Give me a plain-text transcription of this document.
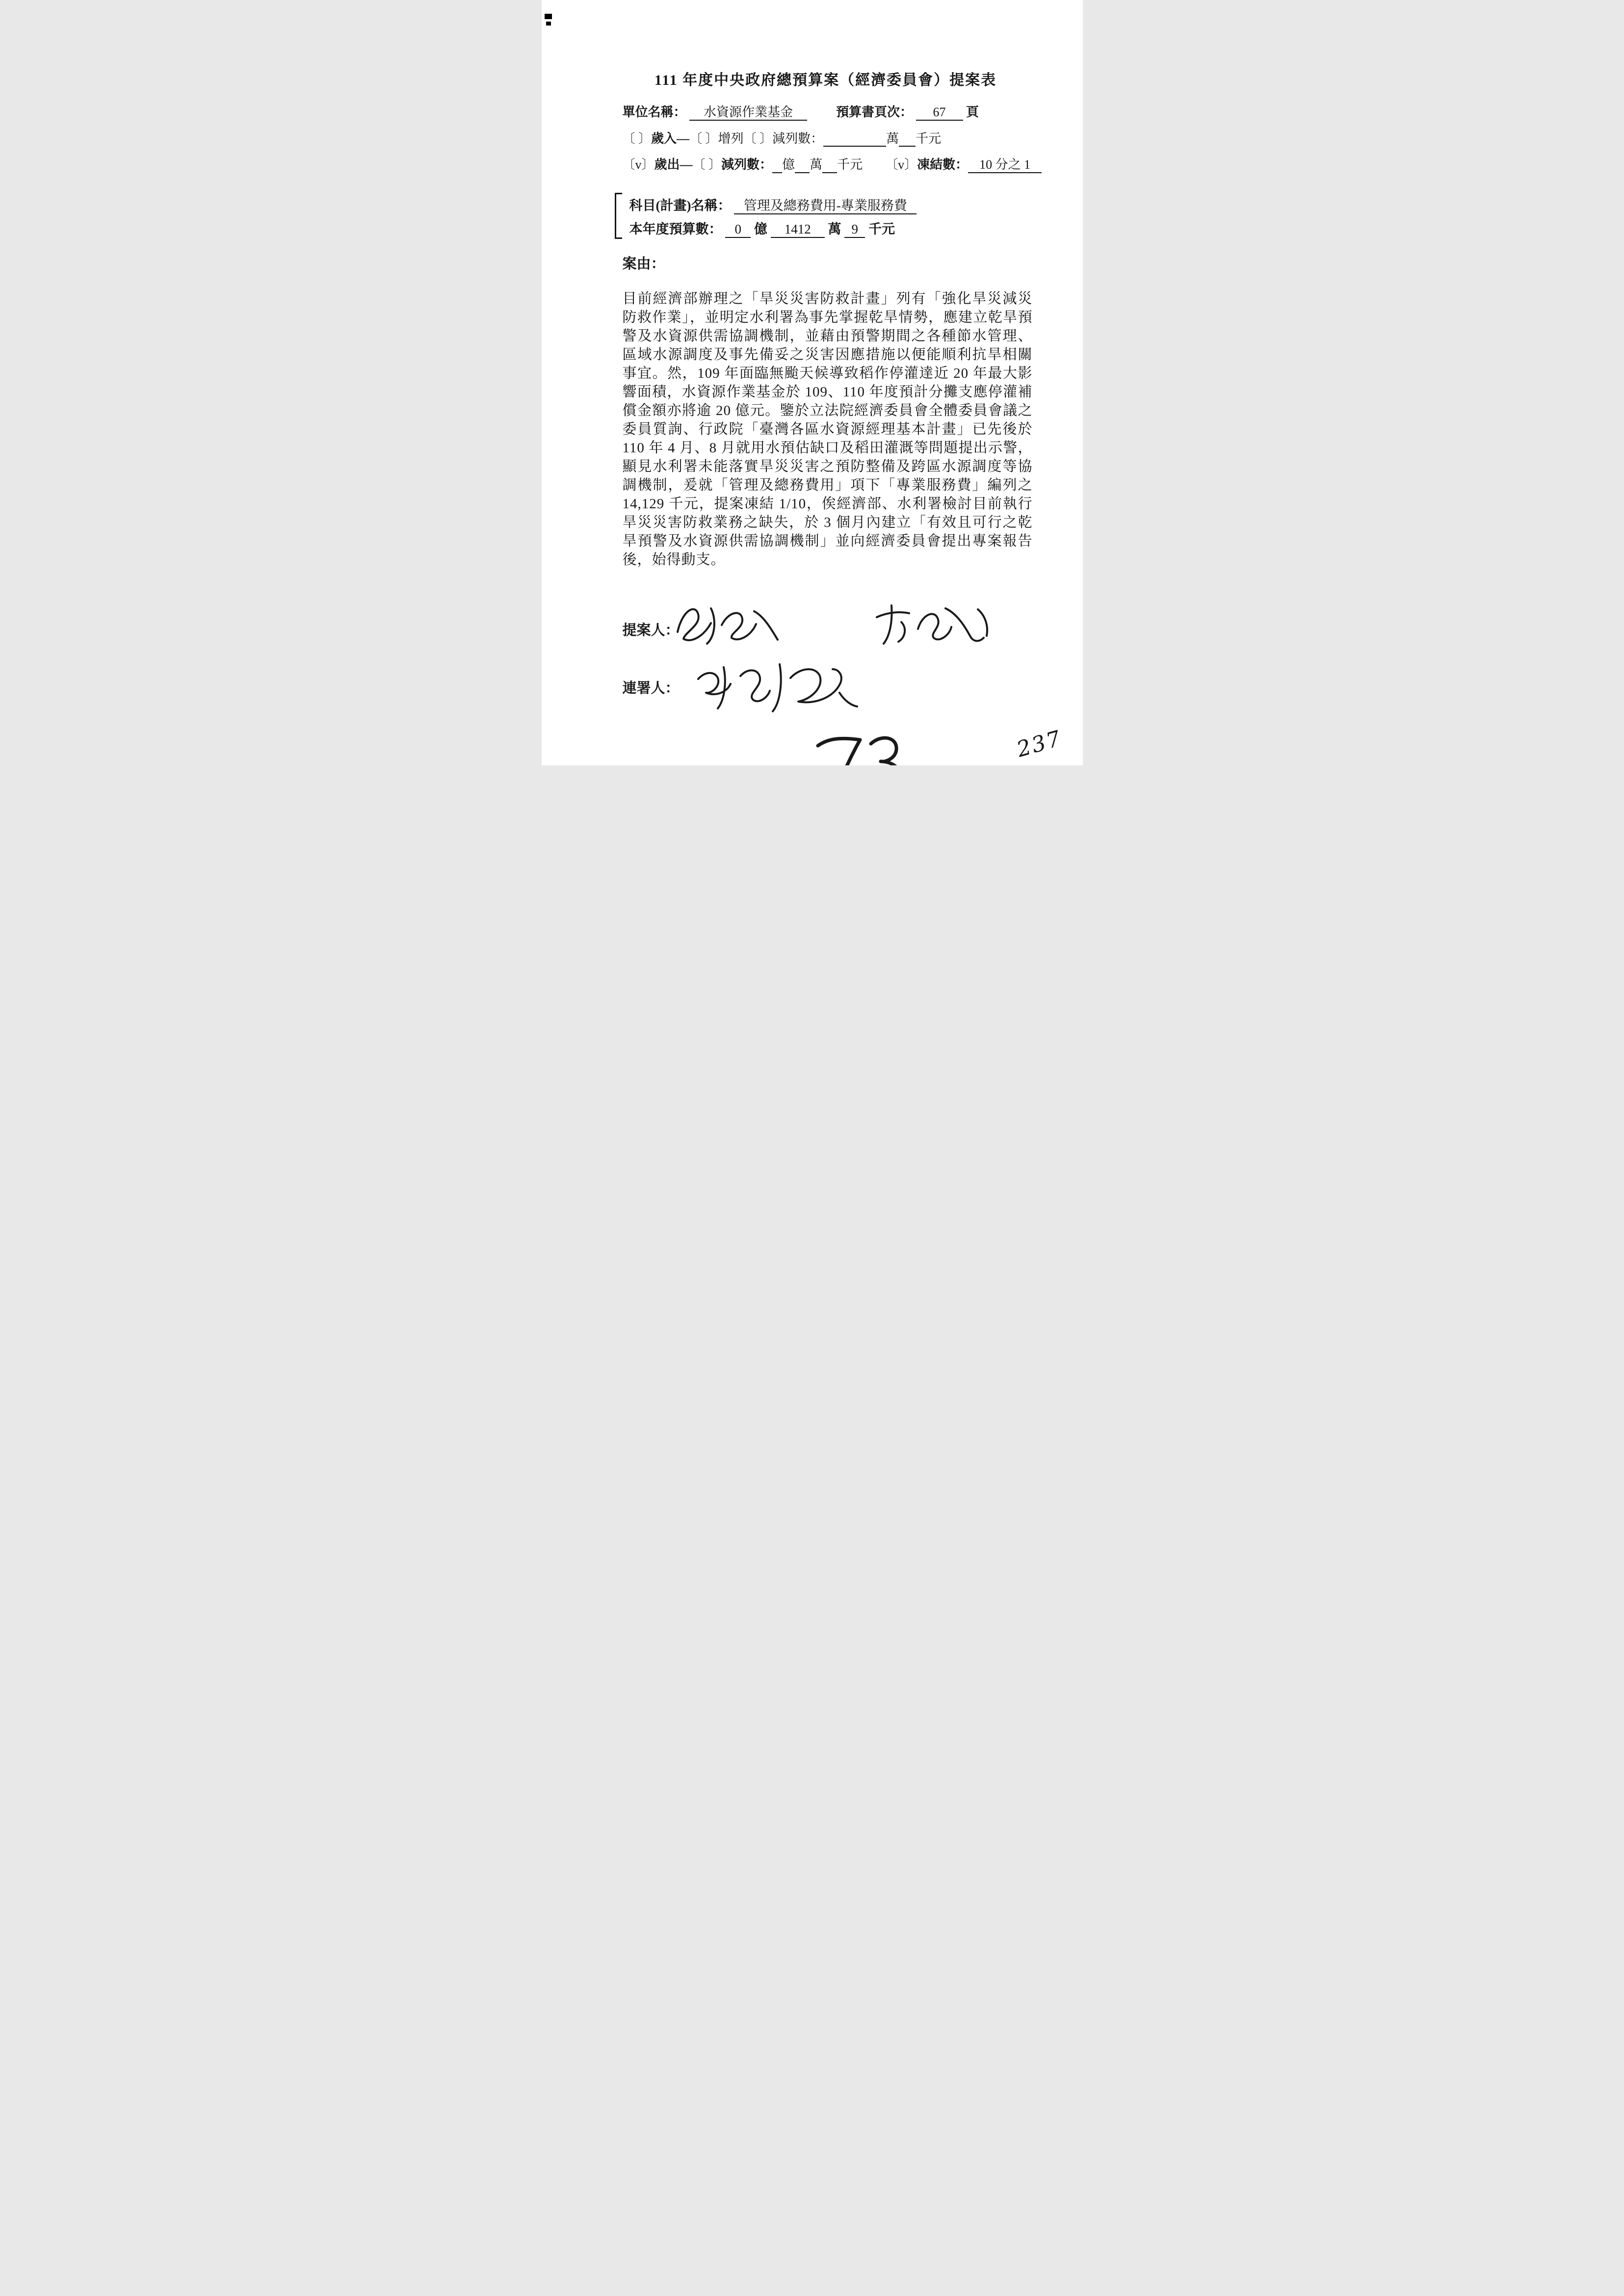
111 年度中央政府總預算案（經濟委員會）提案表
單位名稱： 水資源作業基金	預算書頁次： 67 頁
〔 〕歲入—〔 〕增列〔 〕減列數：	萬 千元
〔v〕歲出—〔 〕減列數： 億 萬 千元 〔v〕凍結數： 10 分之 1
科目(計畫)名稱： 管理及總務費用-專業服務費
本年度預算數： 0 億 1412 萬 9 千元
案由：

目前經濟部辦理之「旱災災害防救計畫」列有「強化旱災減災防救作業」，並明定水利署為事先掌握乾旱情勢，應建立乾旱預警及水資源供需協調機制，並藉由預警期間之各種節水管理、區域水源調度及事先備妥之災害因應措施以便能順利抗旱相關事宜。然，109 年面臨無颱天候導致稻作停灌達近 20 年最大影響面積，水資源作業基金於 109、110 年度預計分攤支應停灌補償金額亦將逾 20 億元。鑒於立法院經濟委員會全體委員會議之委員質詢、行政院「臺灣各區水資源經理基本計畫」已先後於 110 年 4 月、8 月就用水預估缺口及稻田灌溉等問題提出示警，顯見水利署未能落實旱災災害之預防整備及跨區水源調度等協調機制，爰就「管理及總務費用」項下「專業服務費」編列之 14,129 千元，提案凍結 1/10，俟經濟部、水利署檢討目前執行旱災災害防救業務之缺失，於 3 個月內建立「有效且可行之乾旱預警及水資源供需協調機制」並向經濟委員會提出專案報告後，始得動支。

提案人：
連署人：
237
